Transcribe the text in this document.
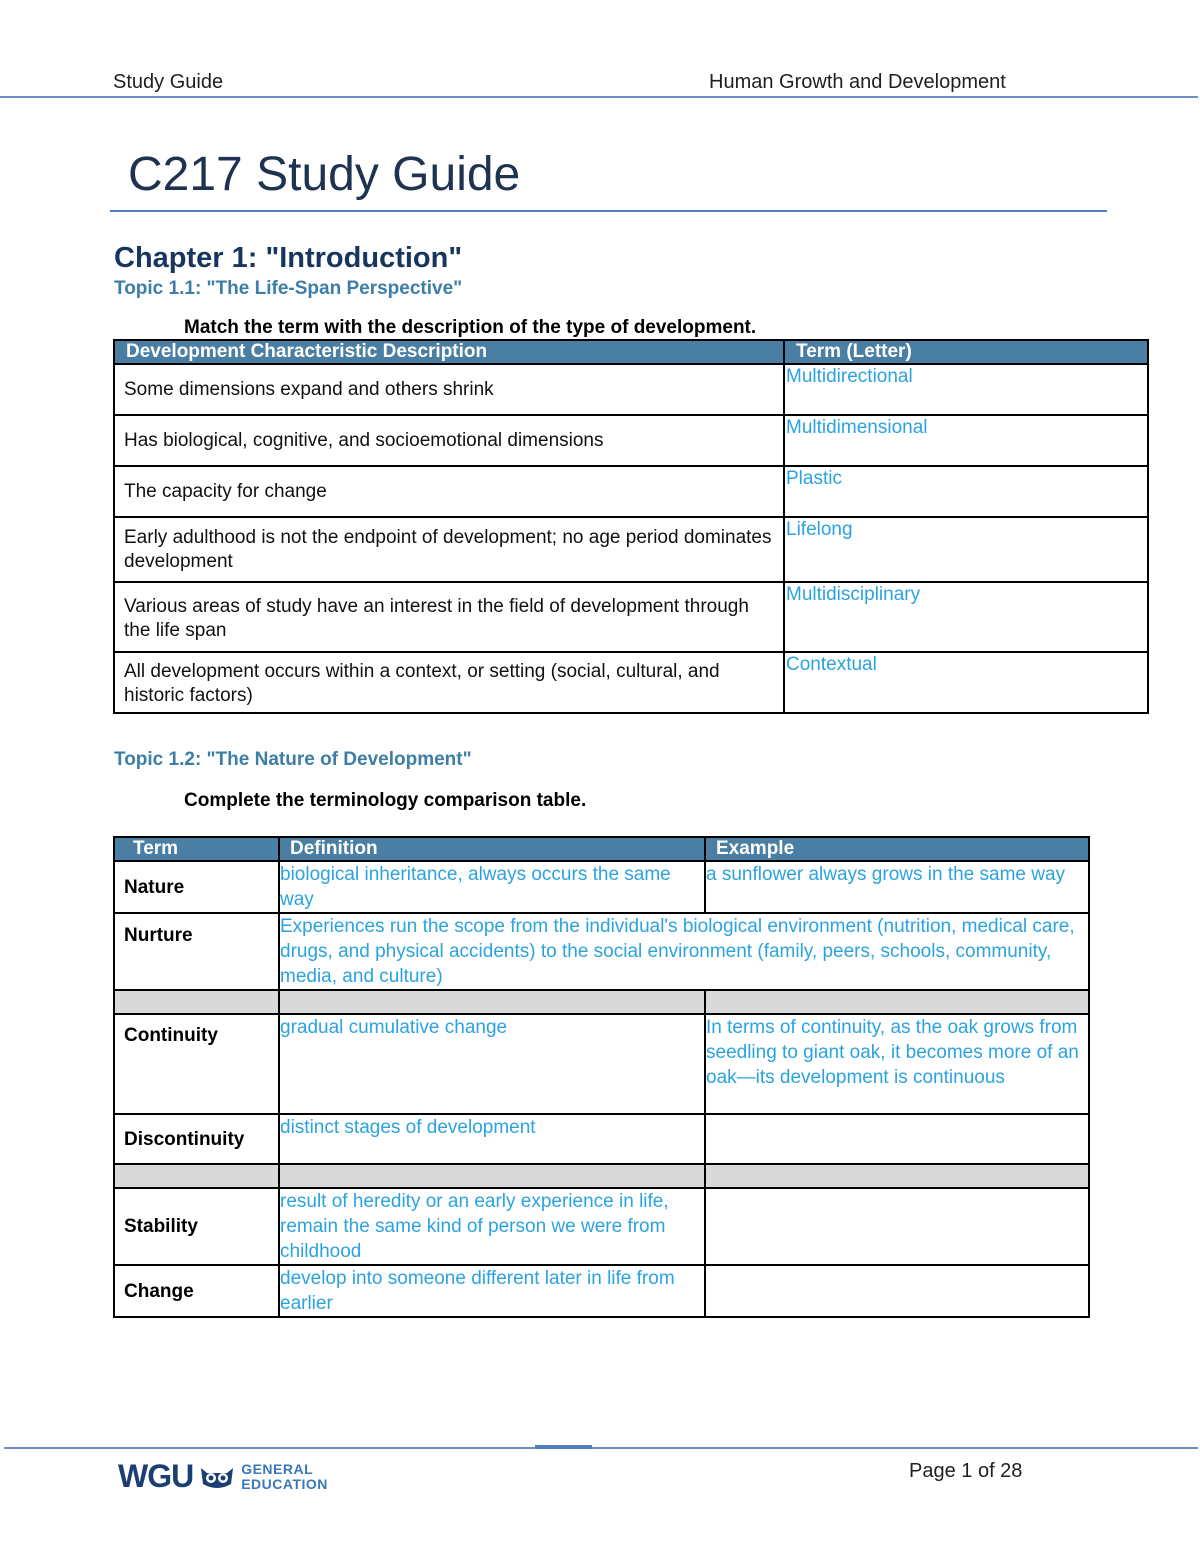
Study Guide	Human Growth and Development
C217 Study Guide
Chapter 1: "Introduction"
Topic 1.1: "The Life-Span Perspective"
Match the term with the description of the type of development.
Development Characteristic Description	Term (Letter)
Some dimensions expand and others shrink	Multidirectional
Has biological, cognitive, and socioemotional dimensions	Multidimensional
The capacity for change	Plastic
Early adulthood is not the endpoint of development; no age period dominates development	Lifelong
Various areas of study have an interest in the field of development through the life span	Multidisciplinary
All development occurs within a context, or setting (social, cultural, and historic factors)	Contextual
Topic 1.2: "The Nature of Development"
Complete the terminology comparison table.
Term	Definition	Example
Nature	biological inheritance, always occurs the same way	a sunflower always grows in the same way
Nurture	Experiences run the scope from the individual's biological environment (nutrition, medical care, drugs, and physical accidents) to the social environment (family, peers, schools, community, media, and culture)	

Continuity	gradual cumulative change	In terms of continuity, as the oak grows from seedling to giant oak, it becomes more of an oak—its development is continuous
Discontinuity	distinct stages of development	

Stability	result of heredity or an early experience in life, remain the same kind of person we were from childhood	
Change	develop into someone different later in life from earlier	
WGU	GENERAL
EDUCATION
Page 1 of 28
